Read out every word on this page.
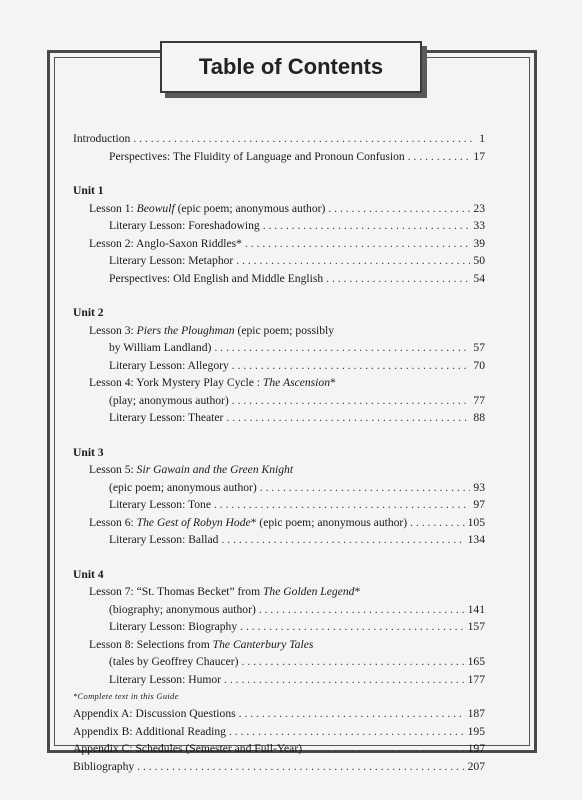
Table of Contents
Introduction . . .	1
Perspectives: The Fluidity of Language and Pronoun Confusion . . .	17
Unit 1
Lesson 1: Beowulf (epic poem; anonymous author) . . .	23
Literary Lesson: Foreshadowing . . .	33
Lesson 2: Anglo-Saxon Riddles* . . .	39
Literary Lesson: Metaphor . . .	50
Perspectives: Old English and Middle English . . .	54
Unit 2
Lesson 3: Piers the Ploughman (epic poem; possibly
by William Landland) . . .	57
Literary Lesson: Allegory . . .	70
Lesson 4: York Mystery Play Cycle : The Ascension*
(play; anonymous author) . . .	77
Literary Lesson: Theater . . .	88
Unit 3
Lesson 5: Sir Gawain and the Green Knight
(epic poem; anonymous author) . . .	93
Literary Lesson: Tone . . .	97
Lesson 6: The Gest of Robyn Hode* (epic poem; anonymous author) . . .	105
Literary Lesson: Ballad . . .	134
Unit 4
Lesson 7: “St. Thomas Becket” from The Golden Legend*
(biography; anonymous author) . . .	141
Literary Lesson: Biography . . .	157
Lesson 8: Selections from The Canterbury Tales
(tales by Geoffrey Chaucer) . . .	165
Literary Lesson: Humor . . .	177
Appendix A: Discussion Questions . . .	187
Appendix B: Additional Reading . . .	195
Appendix C: Schedules (Semester and Full-Year) . . .	197
Bibliography . . .	207
*Complete text in this Guide
